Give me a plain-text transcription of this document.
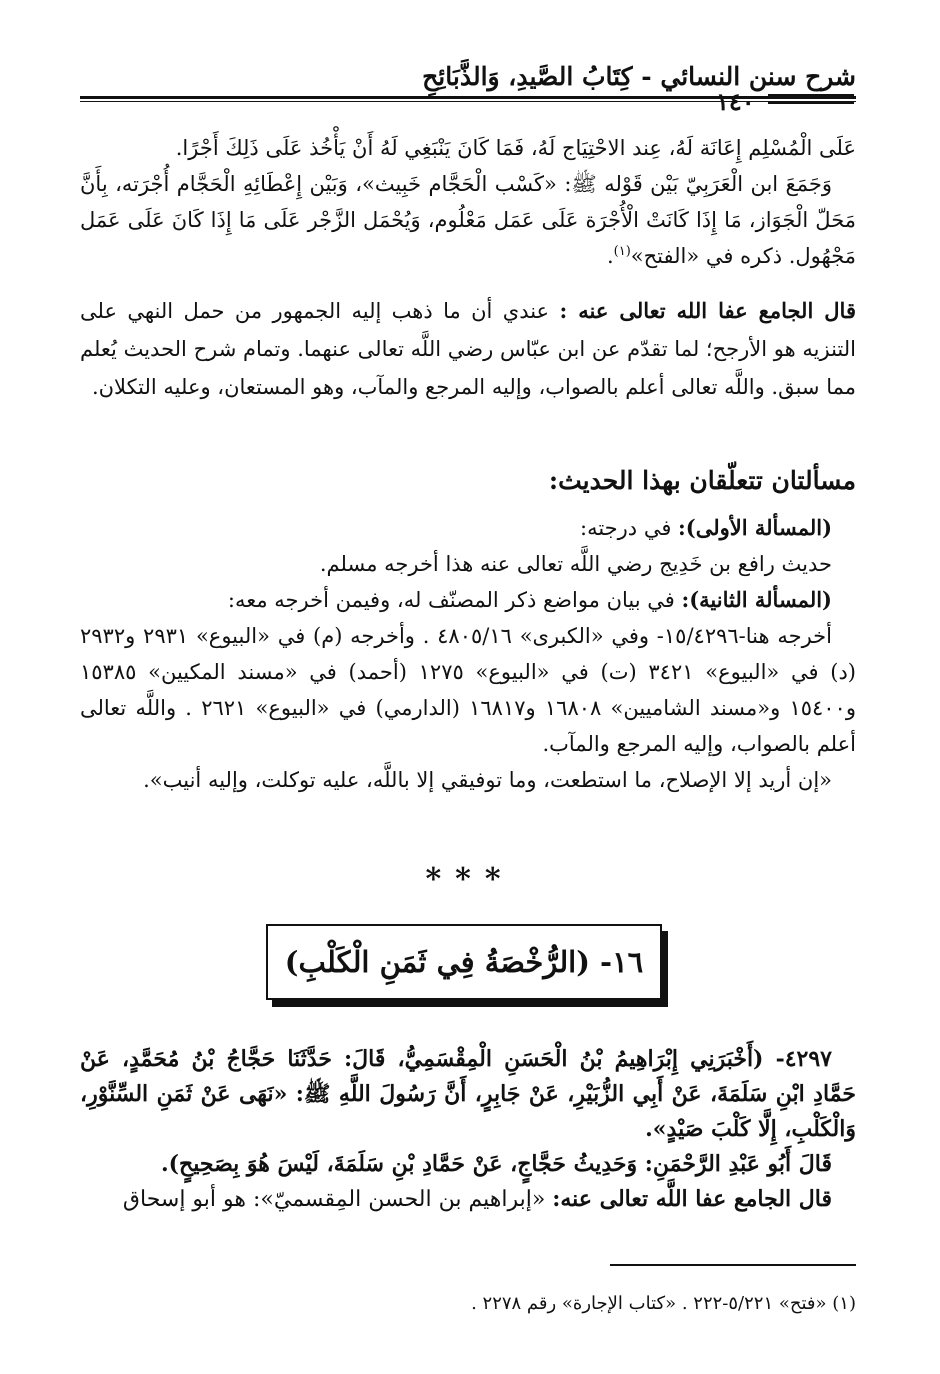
شرح سنن النسائي - كِتَابُ الصَّيدِ، وَالذَّبَائِحِ
١٤٠

عَلَى الْمُسْلِم إِعَانَة لَهُ، عِند الاحْتِيَاج لَهُ، فَمَا كَانَ يَنْبَغِي لَهُ أَنْ يَأْخُذ عَلَى ذَلِكَ أَجْرًا.

وَجَمَعَ ابن الْعَرَبِيّ بَيْن قَوْله ﷺ: «كَسْب الْحَجَّام خَبِيث»، وَبَيْن إِعْطَائِهِ الْحَجَّام أُجْرَته، بِأَنَّ مَحَلّ الْجَوَاز، مَا إِذَا كَانَتْ الْأُجْرَة عَلَى عَمَل مَعْلُوم، وَيُحْمَل الزَّجْر عَلَى مَا إِذَا كَانَ عَلَى عَمَل مَجْهُول. ذكره في «الفتح»$^{(١)}$.

قال الجامع عفا الله تعالى عنه : عندي أن ما ذهب إليه الجمهور من حمل النهي على التنزيه هو الأرجح؛ لما تقدّم عن ابن عبّاس رضي اللَّه تعالى عنهما. وتمام شرح الحديث يُعلم مما سبق. واللَّه تعالى أعلم بالصواب، وإليه المرجع والمآب، وهو المستعان، وعليه التكلان.

مسألتان تتعلّقان بهذا الحديث:

(المسألة الأولى): في درجته:

حديث رافع بن خَدِيج رضي اللَّه تعالى عنه هذا أخرجه مسلم.

(المسألة الثانية): في بيان مواضع ذكر المصنّف له، وفيمن أخرجه معه:

أخرجه هنا-١٥/٤٢٩٦- وفي «الكبرى» ٤٨٠٥/١٦ . وأخرجه (م) في «البيوع» ٢٩٣١ و٢٩٣٢ (د) في «البيوع» ٣٤٢١ (ت) في «البيوع» ١٢٧٥ (أحمد) في «مسند المكيين» ١٥٣٨٥ و١٥٤٠٠ و«مسند الشاميين» ١٦٨٠٨ و١٦٨١٧ (الدارمي) في «البيوع» ٢٦٢١ . واللَّه تعالى أعلم بالصواب، وإليه المرجع والمآب.

«إن أريد إلا الإصلاح، ما استطعت، وما توفيقي إلا باللَّه، عليه توكلت، وإليه أنيب».

***
١٦- (الرُّخْصَةُ فِي ثَمَنِ الْكَلْبِ)

٤٢٩٧- (أَخْبَرَنِي إِبْرَاهِيمُ بْنُ الْحَسَنِ الْمِقْسَمِيُّ، قَالَ: حَدَّثَنَا حَجَّاجُ بْنُ مُحَمَّدٍ، عَنْ حَمَّادِ ابْنِ سَلَمَةَ، عَنْ أَبِي الزُّبَيْرِ، عَنْ جَابِرٍ، أَنَّ رَسُولَ اللَّهِ ﷺ: «نَهَى عَنْ ثَمَنِ السِّنَّوْرِ، وَالْكَلْبِ، إِلَّا كَلْبَ صَيْدٍ».

قَالَ أَبُو عَبْدِ الرَّحْمَنِ: وَحَدِيثُ حَجَّاجٍ، عَنْ حَمَّادِ بْنِ سَلَمَةَ، لَيْسَ هُوَ بِصَحِيحٍ).

قال الجامع عفا اللَّه تعالى عنه: «إبراهيم بن الحسن المِقسميّ»: هو أبو إسحاق

(١) «فتح» ٥/٢٢١-٢٢٢ . «كتاب الإجارة» رقم ٢٢٧٨ .
